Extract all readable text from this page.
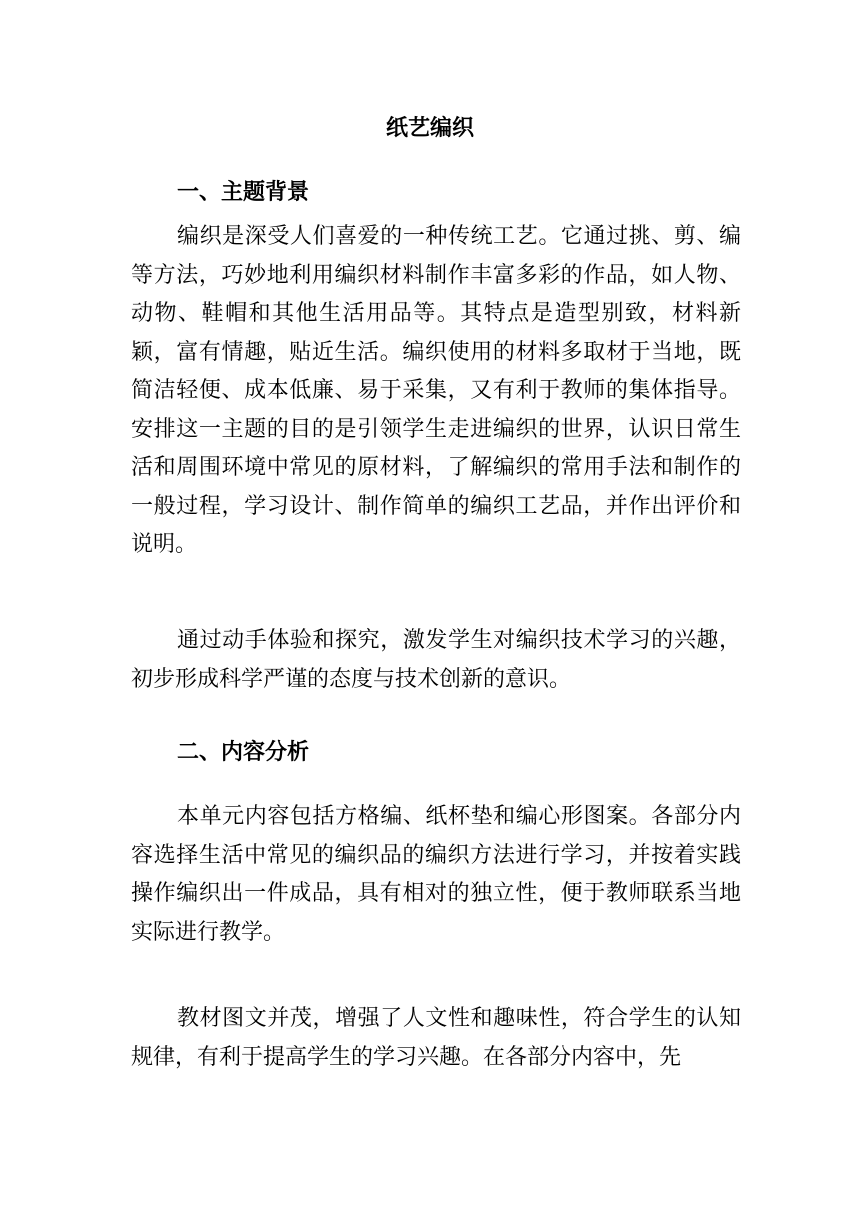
纸艺编织
一、主题背景

编织是深受人们喜爱的一种传统工艺。它通过挑、剪、编等方法，巧妙地利用编织材料制作丰富多彩的作品，如人物、动物、鞋帽和其他生活用品等。其特点是造型别致，材料新颖，富有情趣，贴近生活。编织使用的材料多取材于当地，既简洁轻便、成本低廉、易于采集，又有利于教师的集体指导。安排这一主题的目的是引领学生走进编织的世界，认识日常生活和周围环境中常见的原材料，了解编织的常用手法和制作的一般过程，学习设计、制作简单的编织工艺品，并作出评价和说明。

通过动手体验和探究，激发学生对编织技术学习的兴趣，初步形成科学严谨的态度与技术创新的意识。

二、内容分析

本单元内容包括方格编、纸杯垫和编心形图案。各部分内容选择生活中常见的编织品的编织方法进行学习，并按着实践操作编织出一件成品，具有相对的独立性，便于教师联系当地实际进行教学。

教材图文并茂，增强了人文性和趣味性，符合学生的认知规律，有利于提高学生的学习兴趣。在各部分内容中，先
